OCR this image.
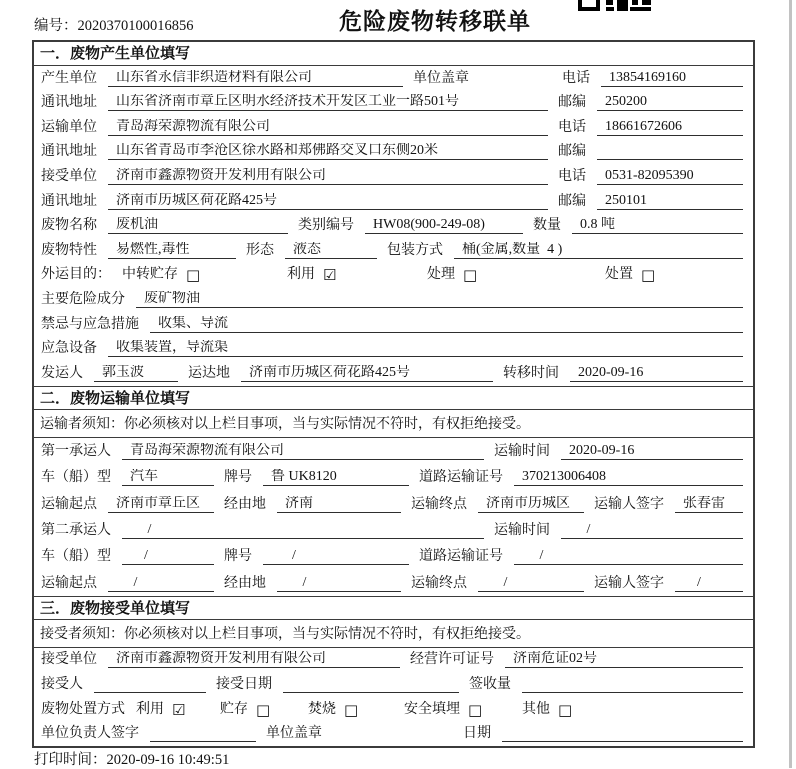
编号：2020370100016856	危险废物转移联单
一．废物产生单位填写
产生单位	山东省永信非织造材料有限公司	单位盖章	电话	13854169160
通讯地址	山东省济南市章丘区明水经济技术开发区工业一路501号	邮编	250200
运输单位	青岛海荣源物流有限公司	电话	18661672606
通讯地址	山东省青岛市李沧区徐水路和郑佛路交叉口东侧20米	邮编
接受单位	济南市鑫源物资开发利用有限公司	电话	0531-82095390
通讯地址	济南市历城区荷花路425号	邮编	250101
废物名称	废机油	类别编号	HW08(900-249-08)	数量	0.8 吨
废物特性	易燃性,毒性	形态	液态	包装方式	桶(金属,数量  4 )
外运目的： 中转贮存 □	利用 ☑	处理 □	处置 □
主要危险成分	废矿物油
禁忌与应急措施	收集、导流
应急设备	收集装置，导流渠
发运人	郭玉波	运达地	济南市历城区荷花路425号	转移时间	2020-09-16
二．废物运输单位填写
运输者须知：你必须核对以上栏目事项，当与实际情况不符时，有权拒绝接受。
第一承运人	青岛海荣源物流有限公司	运输时间	2020-09-16
车（船）型	汽车	牌号	鲁 UK8120	道路运输证号	370213006408
运输起点	济南市章丘区	经由地	济南	运输终点	济南市历城区	运输人签字	张春雷
第二承运人	/	运输时间	/
车（船）型	/	牌号	/	道路运输证号	/
运输起点	/	经由地	/	运输终点	/	运输人签字	/
三．废物接受单位填写
接受者须知：你必须核对以上栏目事项，当与实际情况不符时，有权拒绝接受。
接受单位	济南市鑫源物资开发利用有限公司	经营许可证号	济南危证02号
接受人	接受日期	签收量
废物处置方式 利用 ☑ 贮存 □	焚烧 □	安全填埋 □	其他 □
单位负责人签字	单位盖章	日期
打印时间：2020-09-16 10:49:51
